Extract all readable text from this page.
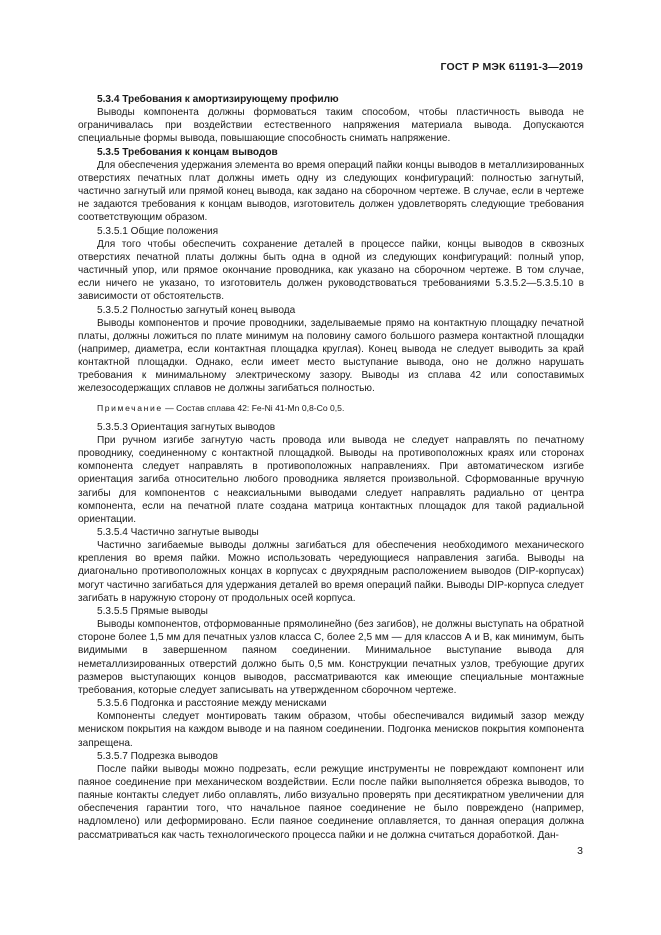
ГОСТ Р МЭК 61191-3—2019

5.3.4 Требования к амортизирующему профилю

Выводы компонента должны формоваться таким способом, чтобы пластичность вывода не ограничивалась при воздействии естественного напряжения материала вывода. Допускаются специальные формы вывода, повышающие способность снимать напряжение.

5.3.5 Требования к концам выводов

Для обеспечения удержания элемента во время операций пайки концы выводов в металлизированных отверстиях печатных плат должны иметь одну из следующих конфигураций: полностью загнутый, частично загнутый или прямой конец вывода, как задано на сборочном чертеже. В случае, если в чертеже не задаются требования к концам выводов, изготовитель должен удовлетворять следующие требования соответствующим образом.

5.3.5.1 Общие положения

Для того чтобы обеспечить сохранение деталей в процессе пайки, концы выводов в сквозных отверстиях печатной платы должны быть одна в одной из следующих конфигураций: полный упор, частичный упор, или прямое окончание проводника, как указано на сборочном чертеже. В том случае, если ничего не указано, то изготовитель должен руководствоваться требованиями 5.3.5.2—5.3.5.10 в зависимости от обстоятельств.

5.3.5.2 Полностью загнутый конец вывода

Выводы компонентов и прочие проводники, заделываемые прямо на контактную площадку печатной платы, должны ложиться по плате минимум на половину самого большого размера контактной площадки (например, диаметра, если контактная площадка круглая). Конец вывода не следует выводить за край контактной площадки. Однако, если имеет место выступание вывода, оно не должно нарушать требования к минимальному электрическому зазору. Выводы из сплава 42 или сопоставимых железосодержащих сплавов не должны загибаться полностью.

Примечание — Состав сплава 42: Fe-Ni 41-Mn 0,8-Co 0,5.

5.3.5.3 Ориентация загнутых выводов

При ручном изгибе загнутую часть провода или вывода не следует направлять по печатному проводнику, соединенному с контактной площадкой. Выводы на противоположных краях или сторонах компонента следует направлять в противоположных направлениях. При автоматическом изгибе ориентация загиба относительно любого проводника является произвольной. Сформованные вручную загибы для компонентов с неаксиальными выводами следует направлять радиально от центра компонента, если на печатной плате создана матрица контактных площадок для такой радиальной ориентации.

5.3.5.4 Частично загнутые выводы

Частично загибаемые выводы должны загибаться для обеспечения необходимого механического крепления во время пайки. Можно использовать чередующиеся направления загиба. Выводы на диагонально противоположных концах в корпусах с двухрядным расположением выводов (DIP-корпусах) могут частично загибаться для удержания деталей во время операций пайки. Выводы DIP-корпуса следует загибать в наружную сторону от продольных осей корпуса.

5.3.5.5 Прямые выводы

Выводы компонентов, отформованные прямолинейно (без загибов), не должны выступать на обратной стороне более 1,5 мм для печатных узлов класса С, более 2,5 мм — для классов А и В, как минимум, быть видимыми в завершенном паяном соединении. Минимальное выступание вывода для неметаллизированных отверстий должно быть 0,5 мм. Конструкции печатных узлов, требующие других размеров выступающих концов выводов, рассматриваются как имеющие специальные монтажные требования, которые следует записывать на утвержденном сборочном чертеже.

5.3.5.6 Подгонка и расстояние между менисками

Компоненты следует монтировать таким образом, чтобы обеспечивался видимый зазор между мениском покрытия на каждом выводе и на паяном соединении. Подгонка менисков покрытия компонента запрещена.

5.3.5.7 Подрезка выводов

После пайки выводы можно подрезать, если режущие инструменты не повреждают компонент или паяное соединение при механическом воздействии. Если после пайки выполняется обрезка выводов, то паяные контакты следует либо оплавлять, либо визуально проверять при десятикратном увеличении для обеспечения гарантии того, что начальное паяное соединение не было повреждено (например, надломлено) или деформировано. Если паяное соединение оплавляется, то данная операция должна рассматриваться как часть технологического процесса пайки и не должна считаться доработкой. Дан-

3
